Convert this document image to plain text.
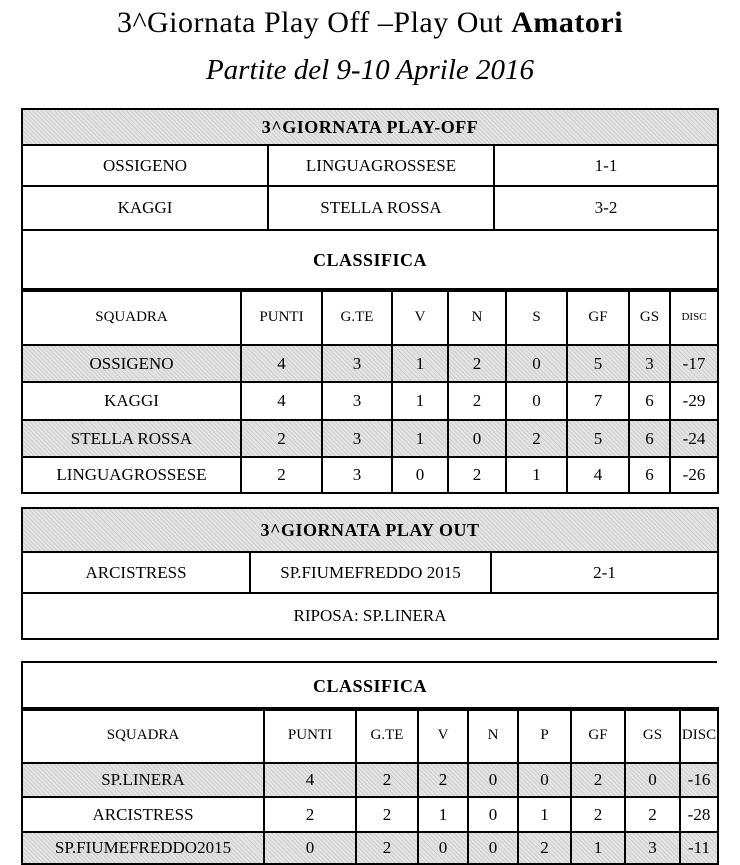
3^Giornata Play Off –Play Out Amatori
Partite del 9-10 Aprile 2016
3^GIORNATA PLAY-OFF		
OSSIGENO	LINGUAGROSSESE	1-1
KAGGI	STELLA ROSSA	3-2
CLASSIFICA		
SQUADRA	PUNTI	G.TE	V	N	S	GF	GS	DISC
OSSIGENO	4	3	1	2	0	5	3	-17
KAGGI	4	3	1	2	0	7	6	-29
STELLA ROSSA	2	3	1	0	2	5	6	-24
LINGUAGROSSESE	2	3	0	2	1	4	6	-26
3^GIORNATA PLAY OUT
ARCISTRESS	SP.FIUMEFREDDO 2015	2-1
RIPOSA: SP.LINERA
CLASSIFICA
SQUADRA	PUNTI	G.TE	V	N	P	GF	GS	DISC
SP.LINERA	4	2	2	0	0	2	0	-16
ARCISTRESS	2	2	1	0	1	2	2	-28
SP.FIUMEFREDDO2015	0	2	0	0	2	1	3	-11
